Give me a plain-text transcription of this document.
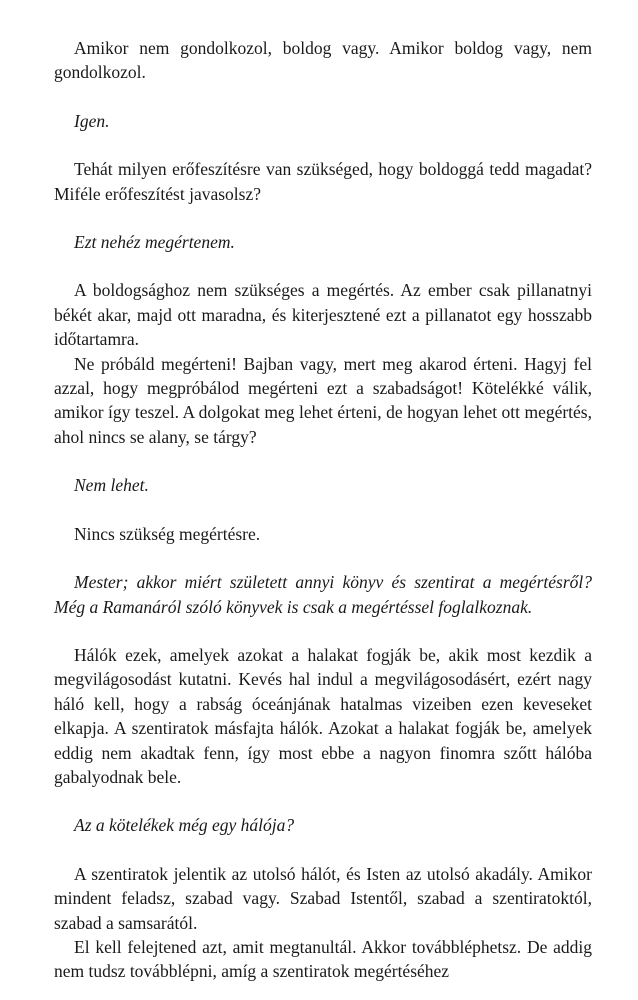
Amikor nem gondolkozol, boldog vagy. Amikor boldog vagy, nem gondolkozol.

Igen.

Tehát milyen erőfeszítésre van szükséged, hogy boldoggá tedd magadat? Miféle erőfeszítést javasolsz?

Ezt nehéz megértenem.

A boldogsághoz nem szükséges a megértés. Az ember csak pillanatnyi békét akar, majd ott maradna, és kiterjesztené ezt a pillanatot egy hosszabb időtartamra.

Ne próbáld megérteni! Bajban vagy, mert meg akarod érteni. Hagyj fel azzal, hogy megpróbálod megérteni ezt a szabadságot! Kötelékké válik, amikor így teszel. A dolgokat meg lehet érteni, de hogyan lehet ott megértés, ahol nincs se alany, se tárgy?

Nem lehet.

Nincs szükség megértésre.

Mester; akkor miért született annyi könyv és szentirat a megértésről? Még a Ramanáról szóló könyvek is csak a megértéssel foglalkoznak.

Hálók ezek, amelyek azokat a halakat fogják be, akik most kezdik a megvilágosodást kutatni. Kevés hal indul a megvilágosodásért, ezért nagy háló kell, hogy a rabság óceánjának hatalmas vizeiben ezen keveseket elkapja. A szentiratok másfajta hálók. Azokat a halakat fogják be, amelyek eddig nem akadtak fenn, így most ebbe a nagyon finomra szőtt hálóba gabalyodnak bele.

Az a kötelékek még egy hálója?

A szentiratok jelentik az utolsó hálót, és Isten az utolsó akadály. Amikor mindent feladsz, szabad vagy. Szabad Istentől, szabad a szentiratoktól, szabad a samsarától.

El kell felejtened azt, amit megtanultál. Akkor továbbléphetsz. De addig nem tudsz továbblépni, amíg a szentiratok megértéséhez
